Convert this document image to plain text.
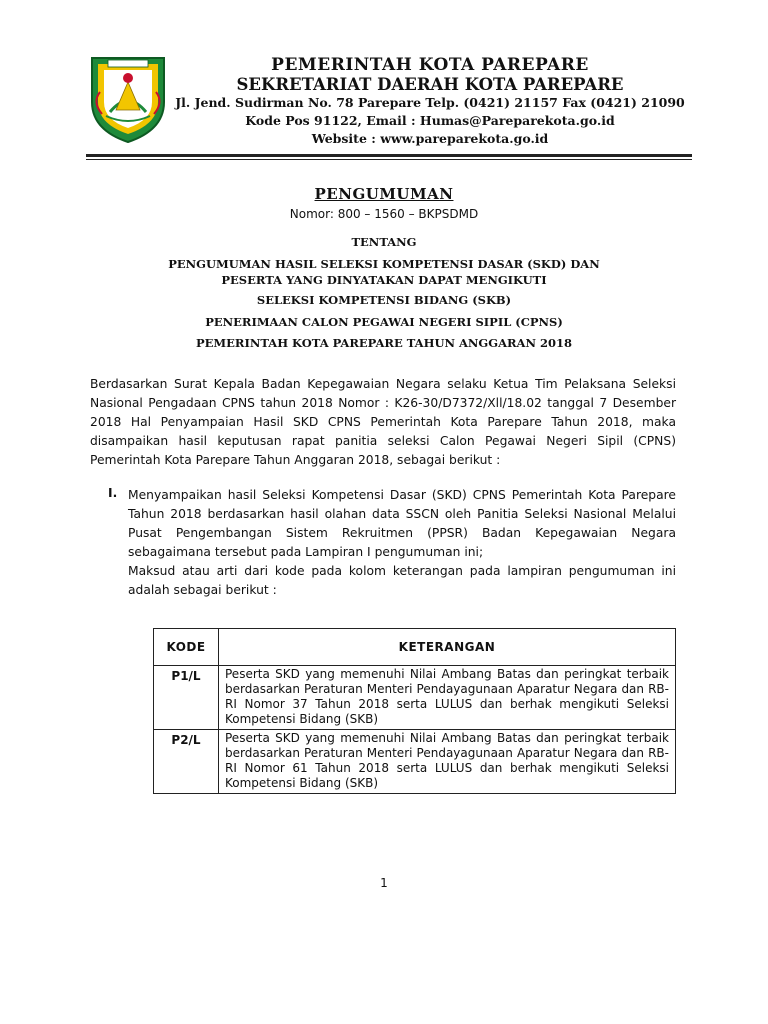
PEMERINTAH KOTA PAREPARE
SEKRETARIAT DAERAH KOTA PAREPARE
Jl. Jend. Sudirman No. 78 Parepare Telp. (0421) 21157 Fax (0421) 21090
Kode Pos 91122, Email : Humas@Pareparekota.go.id
Website : www.pareparekota.go.id
PENGUMUMAN
Nomor: 800 – 1560 – BKPSDMD
TENTANG
PENGUMUMAN HASIL SELEKSI KOMPETENSI DASAR (SKD) DAN
PESERTA YANG DINYATAKAN DAPAT MENGIKUTI
SELEKSI KOMPETENSI BIDANG (SKB)
PENERIMAAN CALON PEGAWAI NEGERI SIPIL (CPNS)
PEMERINTAH KOTA PAREPARE TAHUN ANGGARAN 2018
Berdasarkan Surat Kepala Badan Kepegawaian Negara selaku Ketua Tim Pelaksana Seleksi Nasional Pengadaan CPNS tahun 2018 Nomor : K26-30/D7372/Xll/18.02 tanggal 7 Desember 2018 Hal Penyampaian Hasil SKD CPNS Pemerintah Kota Parepare Tahun 2018, maka disampaikan hasil keputusan rapat panitia seleksi Calon Pegawai Negeri Sipil (CPNS) Pemerintah Kota Parepare Tahun Anggaran 2018, sebagai berikut :
I. Menyampaikan hasil Seleksi Kompetensi Dasar (SKD) CPNS Pemerintah Kota Parepare Tahun 2018 berdasarkan hasil olahan data SSCN oleh Panitia Seleksi Nasional Melalui Pusat Pengembangan Sistem Rekruitmen (PPSR) Badan Kepegawaian Negara sebagaimana tersebut pada Lampiran I pengumuman ini;

Maksud atau arti dari kode pada kolom keterangan pada lampiran pengumuman ini adalah sebagai berikut :

KODE	KETERANGAN
P1/L	Peserta SKD yang memenuhi Nilai Ambang Batas dan peringkat terbaik berdasarkan Peraturan Menteri Pendayagunaan Aparatur Negara dan RB-RI Nomor 37 Tahun 2018 serta LULUS dan berhak mengikuti Seleksi Kompetensi Bidang (SKB)
P2/L	Peserta SKD yang memenuhi Nilai Ambang Batas dan peringkat terbaik berdasarkan Peraturan Menteri Pendayagunaan Aparatur Negara dan RB-RI Nomor 61 Tahun 2018 serta LULUS dan berhak mengikuti Seleksi Kompetensi Bidang (SKB)
1
